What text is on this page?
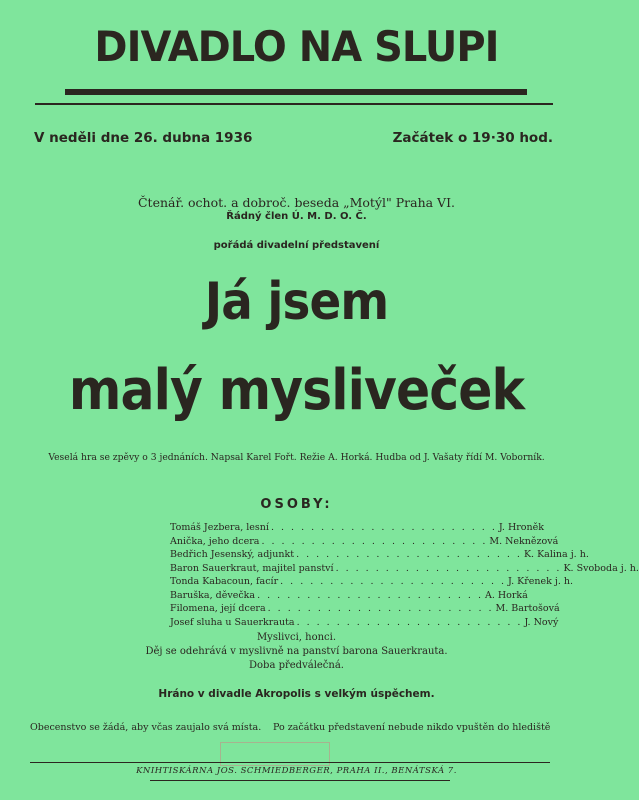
DIVADLO NA SLUPI
V neděli dne 26. dubna 1936	Začátek o 19·30 hod.
Čtenář. ochot. a dobroč. beseda „Motýl" Praha VI.
Řádný člen Ú. M. D. O. Č.
pořádá divadelní představení
Já jsem
malý mysliveček
Veselá hra se zpěvy o 3 jednáních. Napsal Karel Fořt. Režie A. Horká. Hudba od J. Vašaty řídí M. Voborník.
OSOBY:
Tomáš Jezbera, lesní . . . . . . . . . . . . . . . . . . . . . . . J. Hroněk
Anička, jeho dcera . . . . . . . . . . . . . . . . . . . . . . . M. Neknězová
Bedřich Jesenský, adjunkt . . . . . . . . . . . . . . . . . . . . . . . K. Kalina j. h.
Baron Sauerkraut, majitel panství . . . . . . . . . . . . . . . . . . . . . . . K. Svoboda j. h.
Tonda Kabacoun, facír . . . . . . . . . . . . . . . . . . . . . . . J. Křenek j. h.
Baruška, děvečka . . . . . . . . . . . . . . . . . . . . . . . A. Horká
Filomena, její dcera . . . . . . . . . . . . . . . . . . . . . . . M. Bartošová
Josef sluha u Sauerkrauta . . . . . . . . . . . . . . . . . . . . . . . J. Nový
Myslivci, honci.
Děj se odehrává v myslivně na panství barona Sauerkrauta.
Doba předválečná.
Hráno v divadle Akropolis s velkým úspěchem.
Obecenstvo se žádá, aby včas zaujalo svá místa. Po začátku představení nebude nikdo vpuštěn do hlediště
KNIHTISKÁRNA JOS. SCHMIEDBERGER, PRAHA II., BENÁTSKÁ 7.
